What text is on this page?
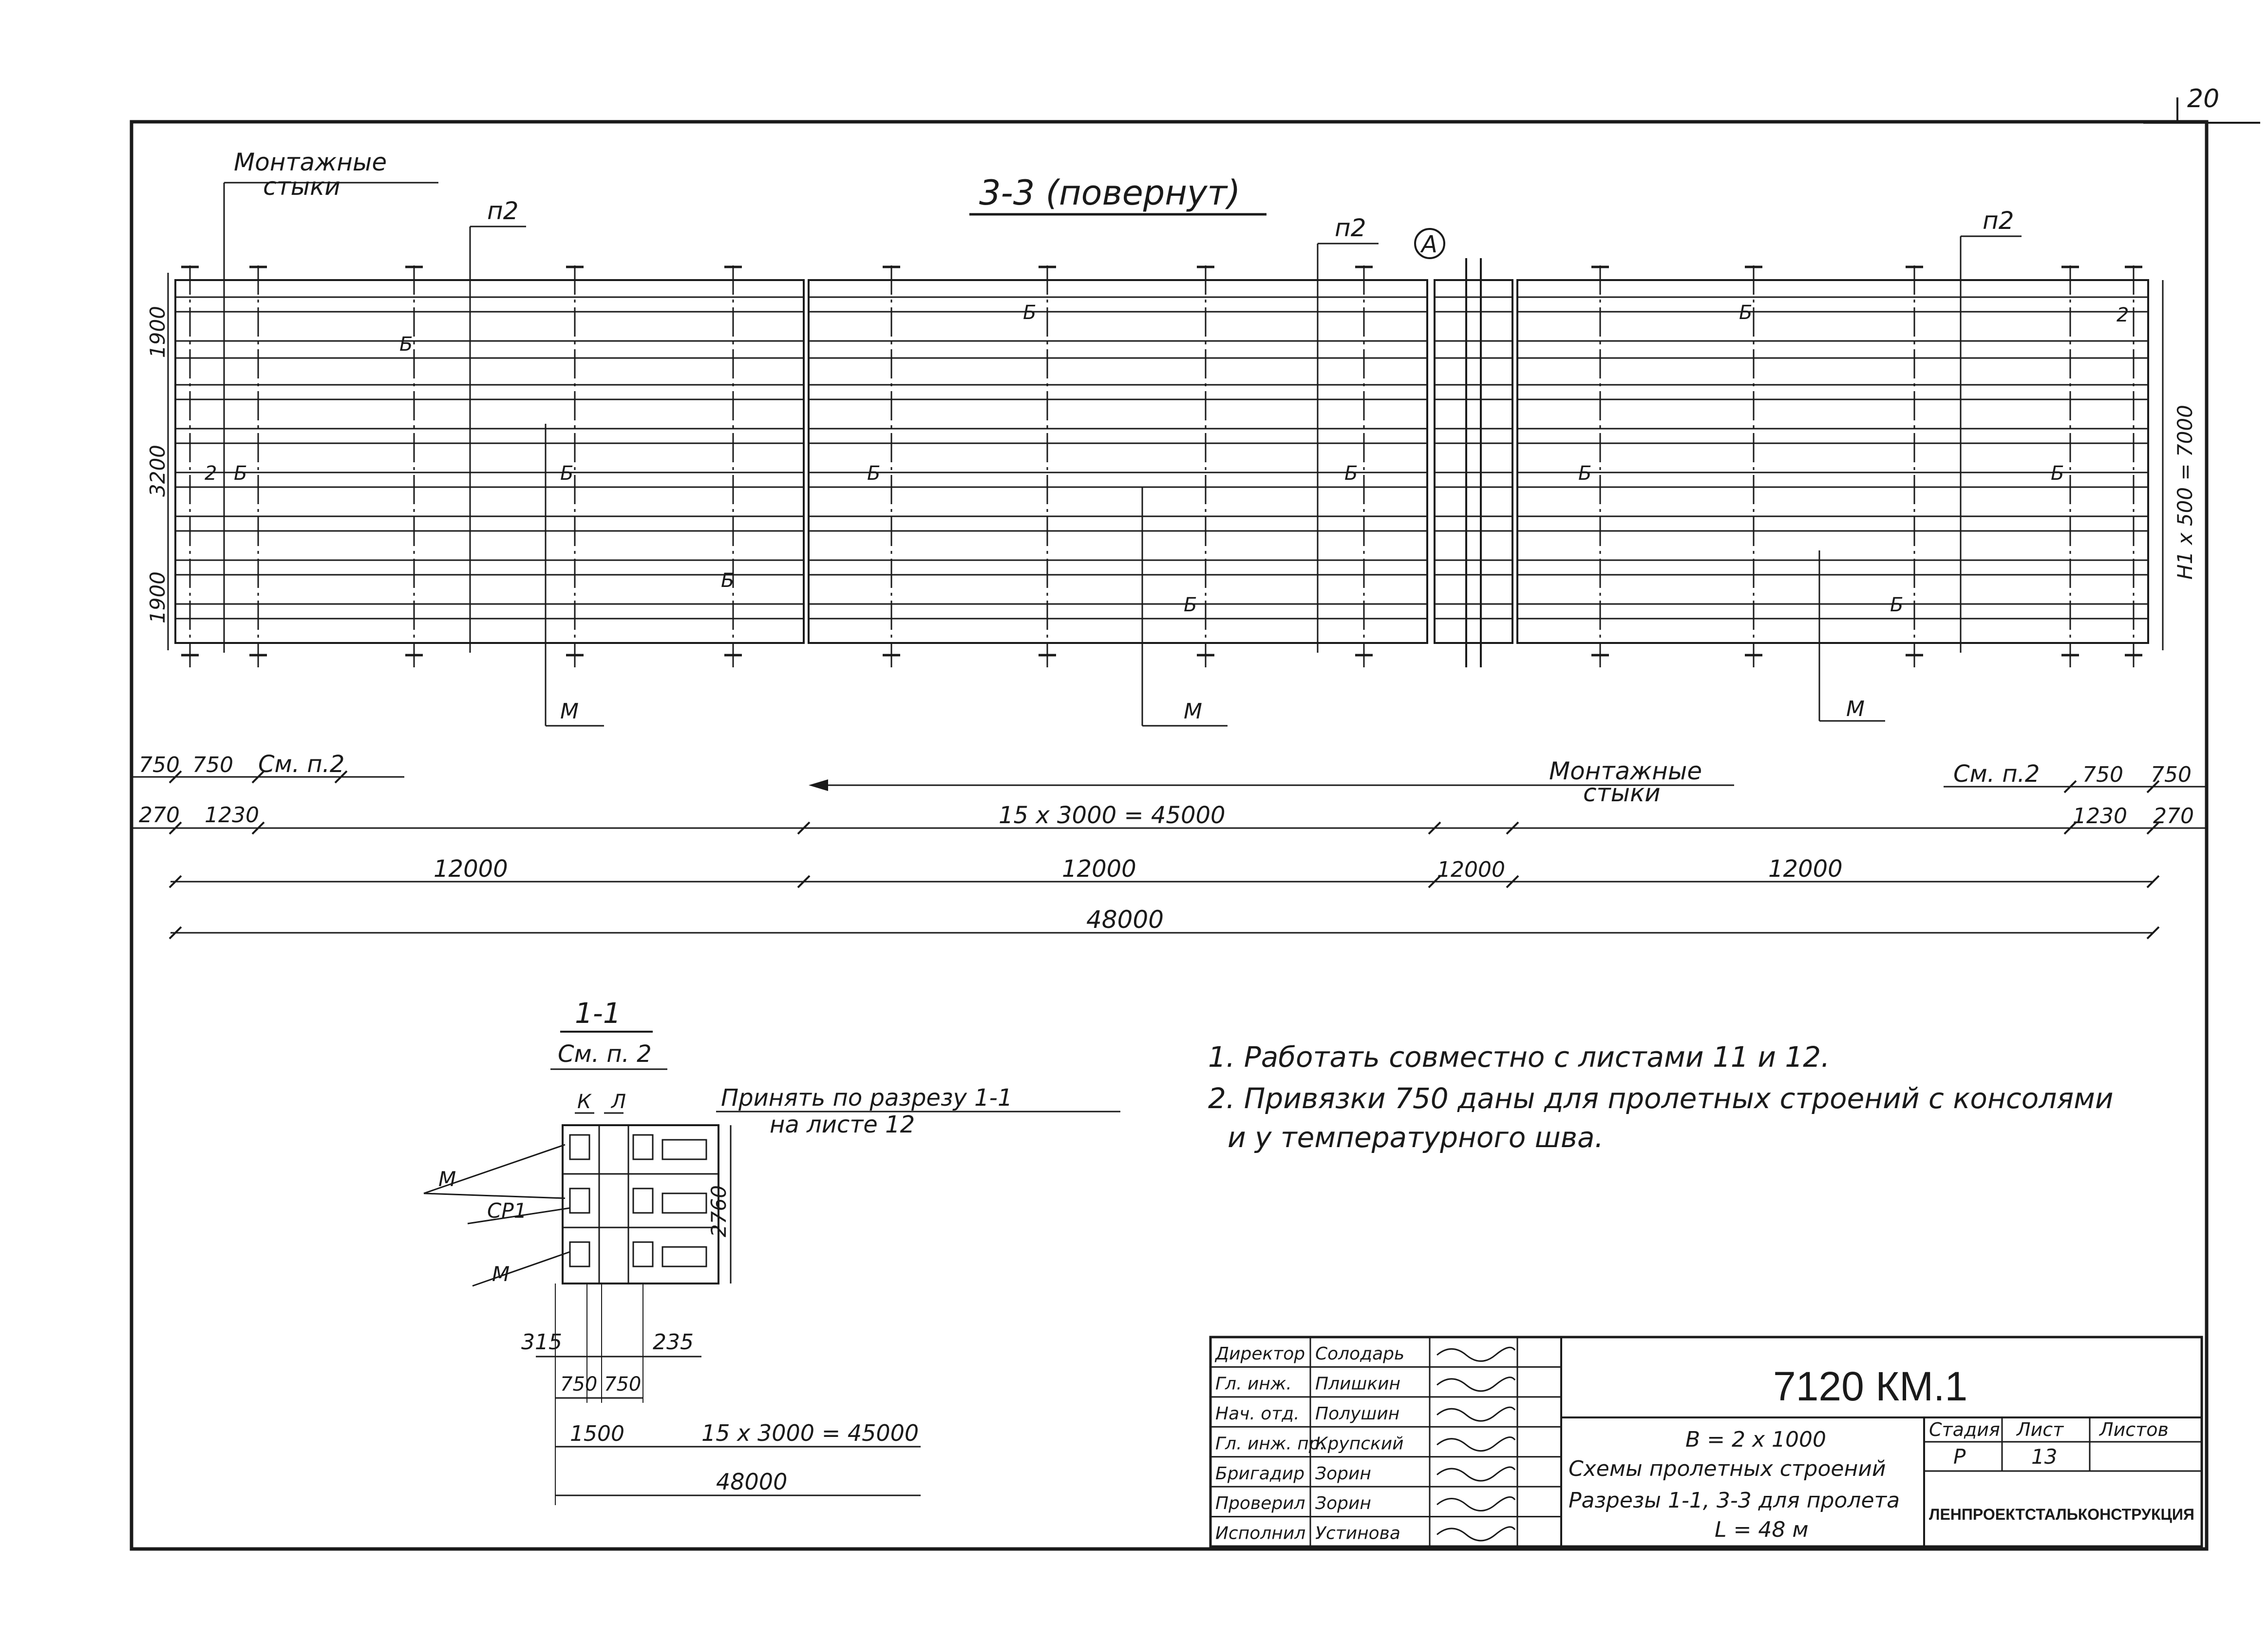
20
3-3 (повернут)
Монтажные
стыки
п2
п2	п2
А
Б
Б	Б
Б	Б	Б	Б	Б	Б
Б
Б	Б
2
2
1900
3200
1900
Н1 х 500 = 7000
М	М	М
750 750 См. п.2	Монтажные
стыки
См. п.2 750 750
270 1230	15 х 3000 = 45000	1230 270
12000	12000	12000	12000
48000
1-1
См. п. 2
Принять по разрезу 1-1
на листе 12
К Л
М
СР1
М
2760
315	235
750 750
1500	15 х 3000 = 45000
48000
1. Работать совместно с листами 11 и 12.
2. Привязки 750 даны для пролетных строений с консолями
и у температурного шва.
Директор Солодарь
Гл. инж. Плишкин
Нач. отд. Полушин
Гл. инж. пр.
Крупский
Бригадир Зорин
Проверил Зорин
Исполнил Устинова
7120 КМ.1
В = 2 х 1000
Схемы пролетных строений
Разрезы 1-1, 3-3 для пролета
L = 48 м
Стадия Лист Листов
Р	13
ЛЕНПРОЕКТСТАЛЬКОНСТРУКЦИЯ
